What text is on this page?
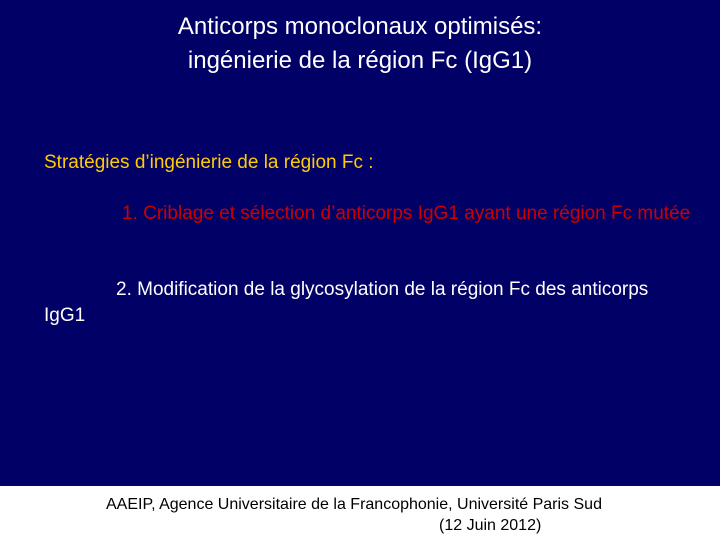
Anticorps monoclonaux optimisés:
ingénierie de la région Fc (IgG1)
Stratégies d’ingénierie de la région Fc :
1. Criblage et sélection d’anticorps IgG1 ayant une région Fc mutée
2. Modification de la glycosylation de la région Fc des anticorps IgG1
AAEIP, Agence Universitaire de la Francophonie, Université Paris Sud
(12 Juin 2012)
